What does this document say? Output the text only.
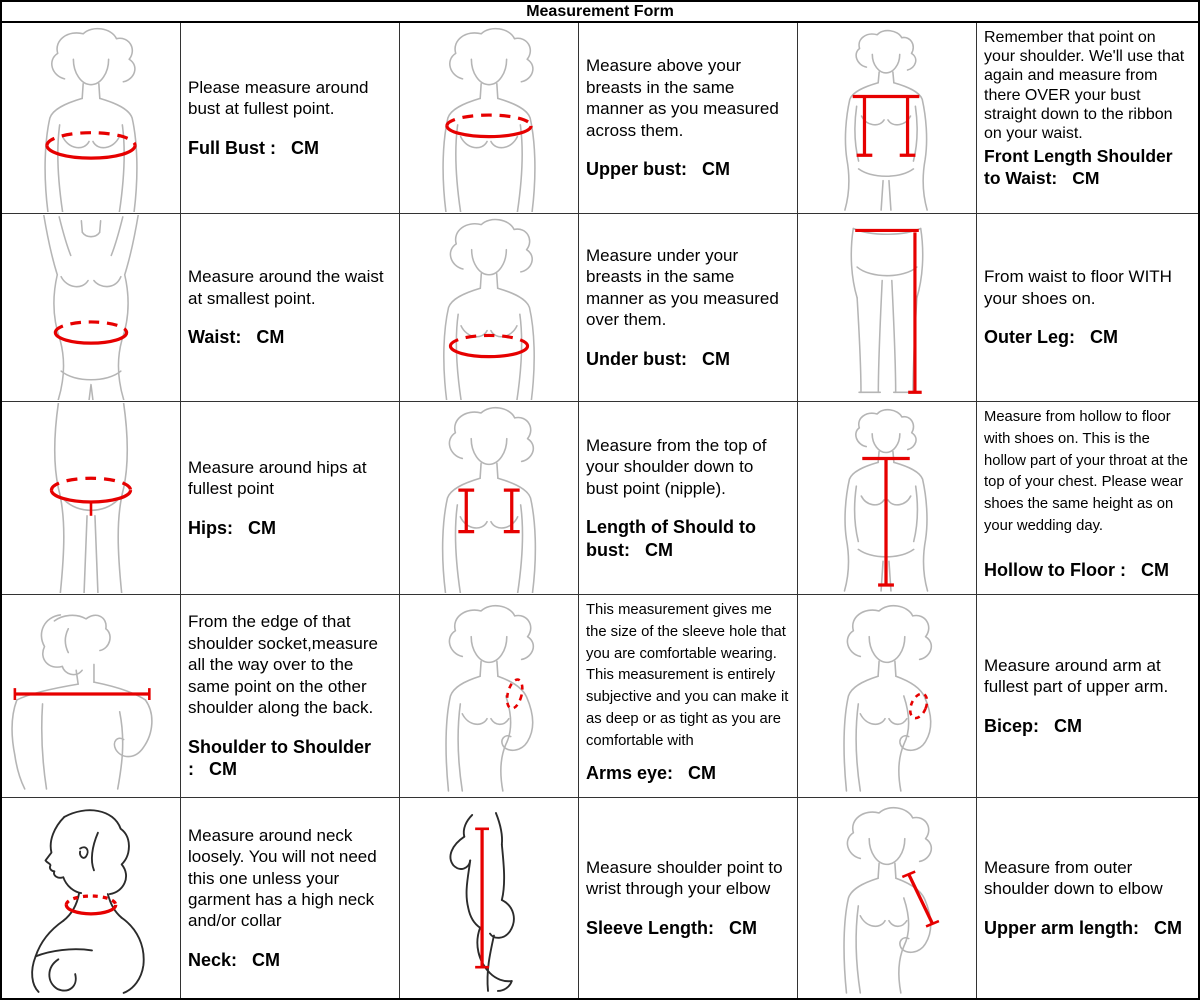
Measurement Form

Please measure around bust at fullest point.

Full Bust : CM

Measure above your breasts in the same manner as you measured across them.

Upper bust: CM

Remember that point on your shoulder. We'll use that again and measure from there OVER your bust straight down to the ribbon on your waist.

Front Length Shoulder to Waist: CM

Measure around the waist at smallest point.

Waist: CM

Measure under your breasts in the same manner as you measured over them.

Under bust: CM

From waist to floor WITH your shoes on.

Outer Leg: CM

Measure around hips at fullest point

Hips: CM

Measure from the top of your shoulder down to bust point (nipple).

Length of Should to bust: CM

Measure from hollow to floor with shoes on. This is the hollow part of your throat at the top of your chest. Please wear shoes the same height as on your wedding day.

Hollow to Floor : CM

From the edge of that shoulder socket,measure all the way over to the same point on the other shoulder along the back.

Shoulder to Shoulder : CM

This measurement gives me the size of the sleeve hole that you are comfortable wearing. This measurement is entirely subjective and you can make it as deep or as tight as you are comfortable with

Arms eye: CM

Measure around arm at fullest part of upper arm.

Bicep: CM

Measure around neck loosely. You will not need this one unless your garment has a high neck and/or collar

Neck: CM

Measure shoulder point to wrist through your elbow

Sleeve Length: CM

Measure from outer shoulder down to elbow

Upper arm length: CM
